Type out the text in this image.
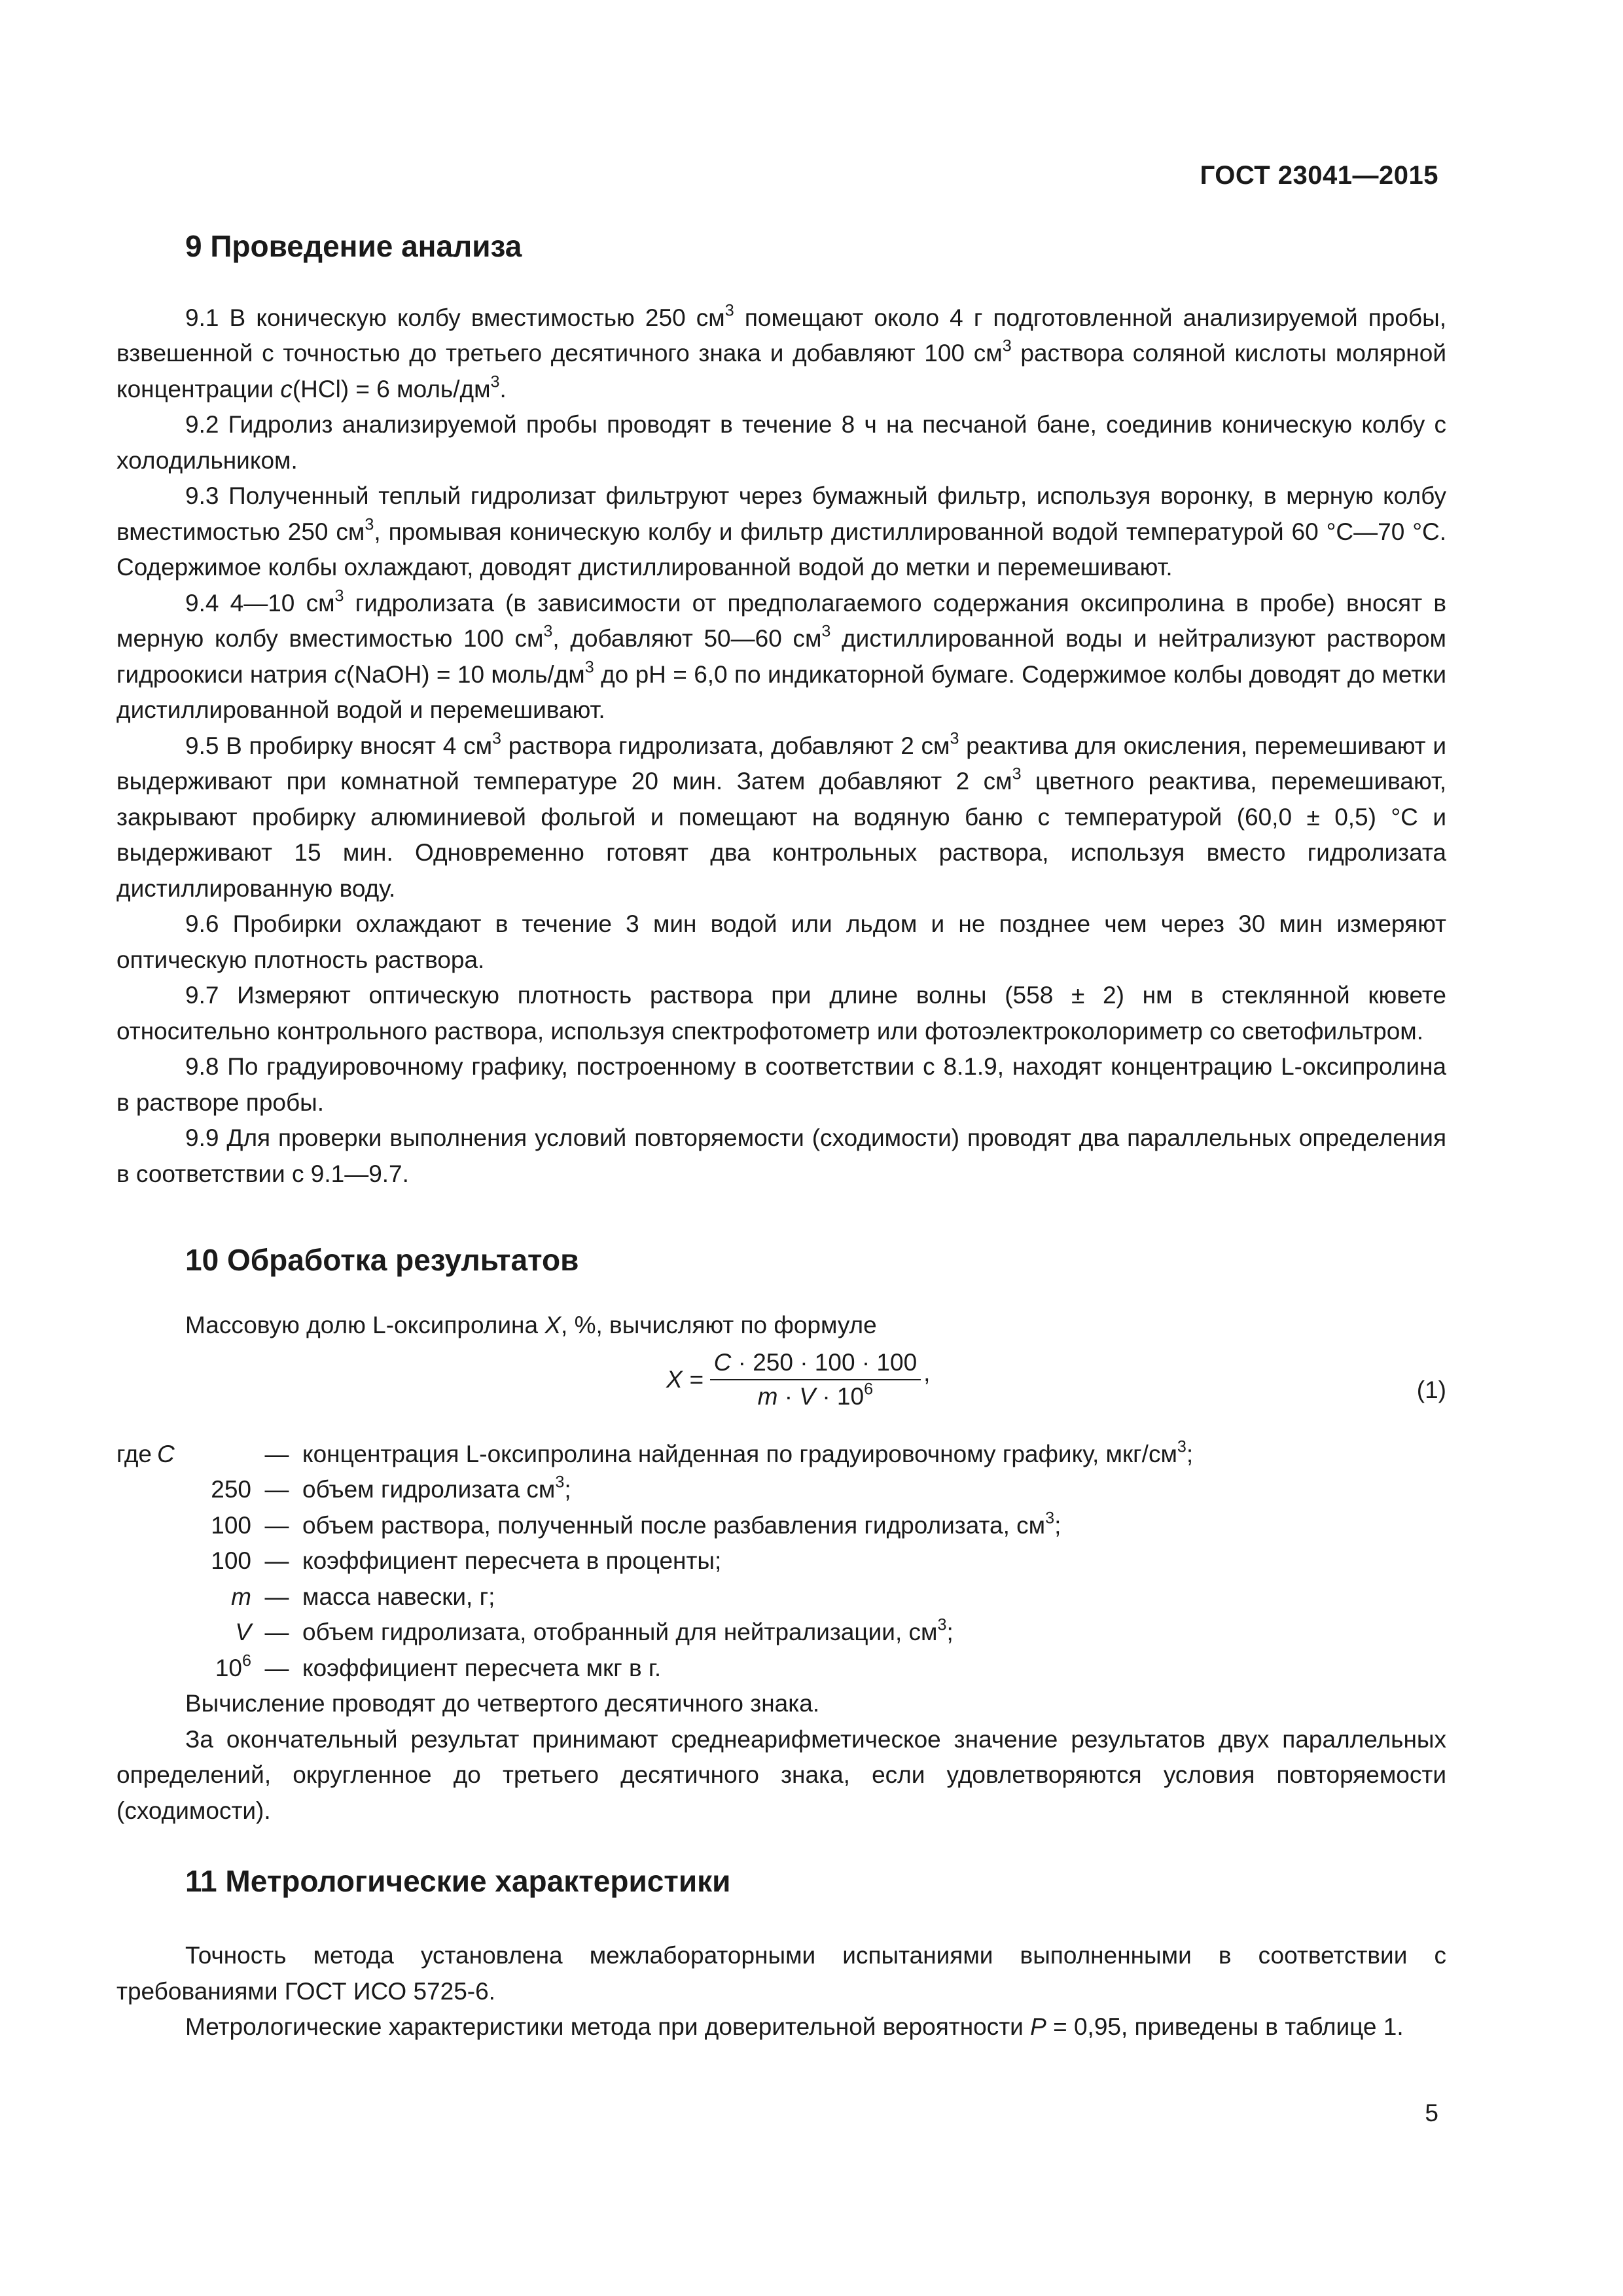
ГОСТ 23041—2015
9 Проведение анализа

9.1 В коническую колбу вместимостью 250 $см^3$ помещают около 4 г подготовленной анализируемой пробы, взвешенной с точностью до третьего десятичного знака и добавляют 100 $см^3$ раствора соляной кислоты молярной концентрации c(HCl) = 6 моль/$дм^3$.

9.2 Гидролиз анализируемой пробы проводят в течение 8 ч на песчаной бане, соединив коническую колбу с холодильником.

9.3 Полученный теплый гидролизат фильтруют через бумажный фильтр, используя воронку, в мерную колбу вместимостью 250 $см^3$, промывая коническую колбу и фильтр дистиллированной водой температурой 60 °С—70 °С. Содержимое колбы охлаждают, доводят дистиллированной водой до метки и перемешивают.

9.4 4—10 $см^3$ гидролизата (в зависимости от предполагаемого содержания оксипролина в пробе) вносят в мерную колбу вместимостью 100 $см^3$, добавляют 50—60 $см^3$ дистиллированной воды и нейтрализуют раствором гидроокиси натрия c(NaOH) = 10 моль/$дм^3$ до pH = 6,0 по индикаторной бумаге. Содержимое колбы доводят до метки дистиллированной водой и перемешивают.

9.5 В пробирку вносят 4 $см^3$ раствора гидролизата, добавляют 2 $см^3$ реактива для окисления, перемешивают и выдерживают при комнатной температуре 20 мин. Затем добавляют 2 $см^3$ цветного реактива, перемешивают, закрывают пробирку алюминиевой фольгой и помещают на водяную баню с температурой (60,0 ± 0,5) °С и выдерживают 15 мин. Одновременно готовят два контрольных раствора, используя вместо гидролизата дистиллированную воду.

9.6 Пробирки охлаждают в течение 3 мин водой или льдом и не позднее чем через 30 мин измеряют оптическую плотность раствора.

9.7 Измеряют оптическую плотность раствора при длине волны (558 ± 2) нм в стеклянной кювете относительно контрольного раствора, используя спектрофотометр или фотоэлектроколориметр со светофильтром.

9.8 По градуировочному графику, построенному в соответствии с 8.1.9, находят концентрацию L-оксипролина в растворе пробы.

9.9 Для проверки выполнения условий повторяемости (сходимости) проводят два параллельных определения в соответствии с 9.1—9.7.

10 Обработка результатов

Массовую долю L-оксипролина X, %, вычисляют по формуле

$X = \frac{C \cdot 250 \cdot 100 \cdot 100}{m \cdot V \cdot 10^6}$ ,
(1)
где C	— концентрация L-оксипролина найденная по градуировочному графику, мкг/$см^3$;
250 — объем гидролизата $см^3$;
100 — объем раствора, полученный после разбавления гидролизата, $см^3$;
100 — коэффициент пересчета в проценты;
m — масса навески, г;
V — объем гидролизата, отобранный для нейтрализации, $см^3$;
$10^6$ — коэффициент пересчета мкг в г.

Вычисление проводят до четвертого десятичного знака.

За окончательный результат принимают среднеарифметическое значение результатов двух параллельных определений, округленное до третьего десятичного знака, если удовлетворяются условия повторяемости (сходимости).

11 Метрологические характеристики

Точность метода установлена межлабораторными испытаниями выполненными в соответствии с требованиями ГОСТ ИСО 5725-6.

Метрологические характеристики метода при доверительной вероятности P = 0,95, приведены в таблице 1.

5
